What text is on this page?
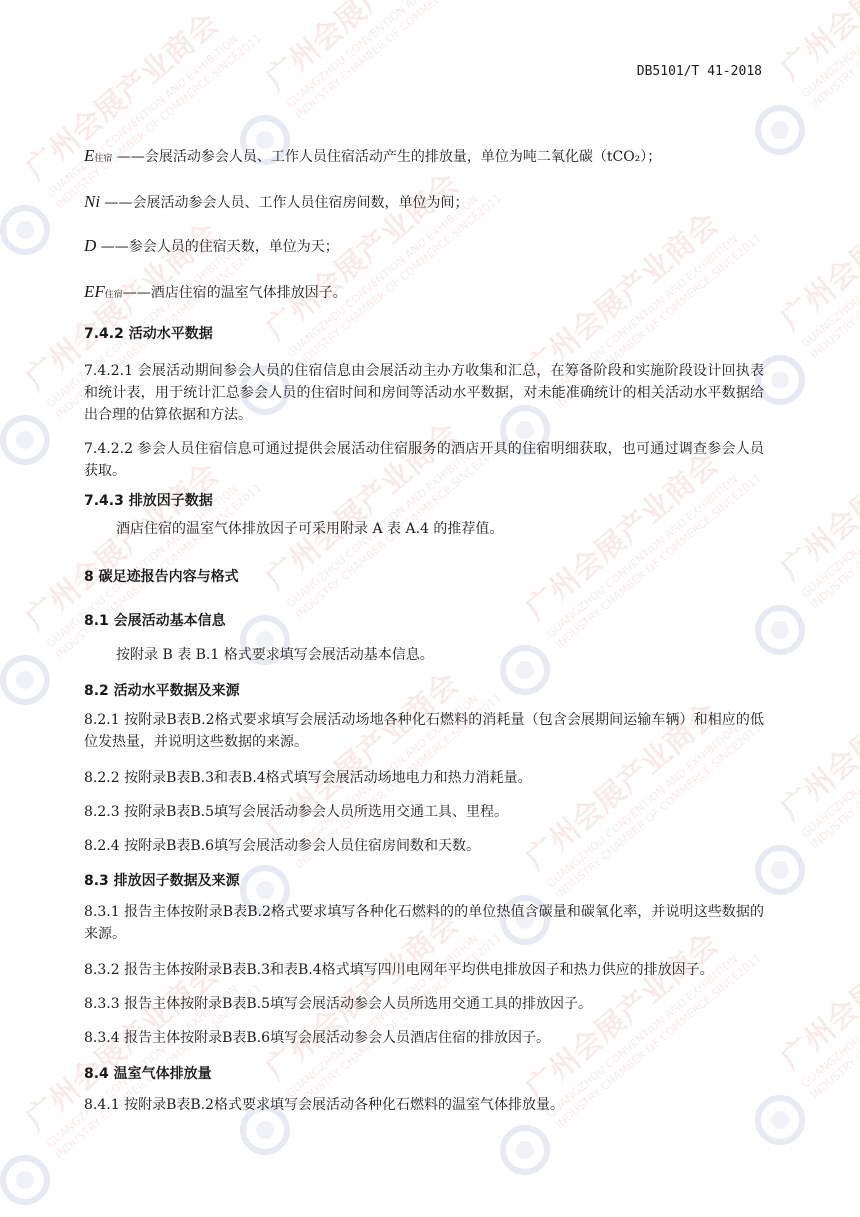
DB5101/T 41-2018
E住宿 ——会展活动参会人员、工作人员住宿活动产生的排放量，单位为吨二氧化碳（tCO₂）；
Ni ——会展活动参会人员、工作人员住宿房间数，单位为间；
D ——参会人员的住宿天数，单位为天；
EF住宿——酒店住宿的温室气体排放因子。
7.4.2 活动水平数据
7.4.2.1 会展活动期间参会人员的住宿信息由会展活动主办方收集和汇总，在筹备阶段和实施阶段设计回执表和统计表，用于统计汇总参会人员的住宿时间和房间等活动水平数据，对未能准确统计的相关活动水平数据给出合理的估算依据和方法。
7.4.2.2 参会人员住宿信息可通过提供会展活动住宿服务的酒店开具的住宿明细获取，也可通过调查参会人员获取。
7.4.3 排放因子数据
酒店住宿的温室气体排放因子可采用附录 A 表 A.4 的推荐值。
8 碳足迹报告内容与格式
8.1 会展活动基本信息
按附录 B 表 B.1 格式要求填写会展活动基本信息。
8.2 活动水平数据及来源
8.2.1 按附录B表B.2格式要求填写会展活动场地各种化石燃料的消耗量（包含会展期间运输车辆）和相应的低位发热量，并说明这些数据的来源。
8.2.2 按附录B表B.3和表B.4格式填写会展活动场地电力和热力消耗量。
8.2.3 按附录B表B.5填写会展活动参会人员所选用交通工具、里程。
8.2.4 按附录B表B.6填写会展活动参会人员住宿房间数和天数。
8.3 排放因子数据及来源
8.3.1 报告主体按附录B表B.2格式要求填写各种化石燃料的的单位热值含碳量和碳氧化率，并说明这些数据的来源。
8.3.2 报告主体按附录B表B.3和表B.4格式填写四川电网年平均供电排放因子和热力供应的排放因子。
8.3.3 报告主体按附录B表B.5填写会展活动参会人员所选用交通工具的排放因子。
8.3.4 报告主体按附录B表B.6填写会展活动参会人员酒店住宿的排放因子。
8.4 温室气体排放量
8.4.1 按附录B表B.2格式要求填写会展活动各种化石燃料的温室气体排放量。
